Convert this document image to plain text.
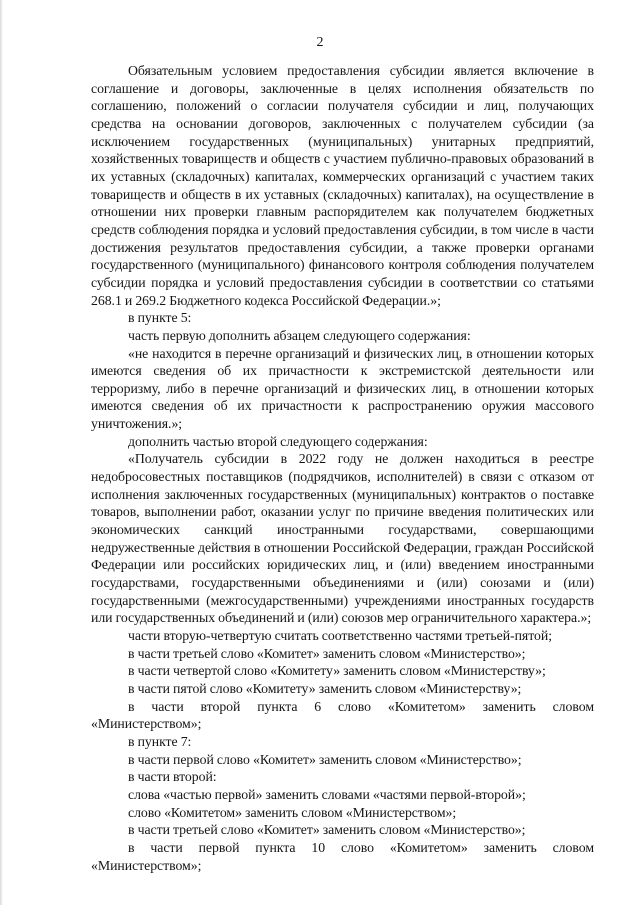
2

Обязательным условием предоставления субсидии является включение в соглашение и договоры, заключенные в целях исполнения обязательств по соглашению, положений о согласии получателя субсидии и лиц, получающих средства на основании договоров, заключенных с получателем субсидии (за исключением государственных (муниципальных) унитарных предприятий, хозяйственных товариществ и обществ с участием публично-правовых образований в их уставных (складочных) капиталах, коммерческих организаций с участием таких товариществ и обществ в их уставных (складочных) капиталах), на осуществление в отношении них проверки главным распорядителем как получателем бюджетных средств соблюдения порядка и условий предоставления субсидии, в том числе в части достижения результатов предоставления субсидии, а также проверки органами государственного (муниципального) финансового контроля соблюдения получателем субсидии порядка и условий предоставления субсидии в соответствии со статьями 268.1 и 269.2 Бюджетного кодекса Российской Федерации.»;

в пункте 5:

часть первую дополнить абзацем следующего содержания:

«не находится в перечне организаций и физических лиц, в отношении которых имеются сведения об их причастности к экстремистской деятельности или терроризму, либо в перечне организаций и физических лиц, в отношении которых имеются сведения об их причастности к распространению оружия массового уничтожения.»;

дополнить частью второй следующего содержания:

«Получатель субсидии в 2022 году не должен находиться в реестре недобросовестных поставщиков (подрядчиков, исполнителей) в связи с отказом от исполнения заключенных государственных (муниципальных) контрактов о поставке товаров, выполнении работ, оказании услуг по причине введения политических или экономических санкций иностранными государствами, совершающими недружественные действия в отношении Российской Федерации, граждан Российской Федерации или российских юридических лиц, и (или) введением иностранными государствами, государственными объединениями и (или) союзами и (или) государственными (межгосударственными) учреждениями иностранных государств или государственных объединений и (или) союзов мер ограничительного характера.»;

части вторую-четвертую считать соответственно частями третьей-пятой;

в части третьей слово «Комитет» заменить словом «Министерство»;

в части четвертой слово «Комитету» заменить словом «Министерству»;

в части пятой слово «Комитету» заменить словом «Министерству»;

в части второй пункта 6 слово «Комитетом» заменить словом «Министерством»;

в пункте 7:

в части первой слово «Комитет» заменить словом «Министерство»;

в части второй:

слова «частью первой» заменить словами «частями первой-второй»;

слово «Комитетом» заменить словом «Министерством»;

в части третьей слово «Комитет» заменить словом «Министерство»;

в части первой пункта 10 слово «Комитетом» заменить словом «Министерством»;
